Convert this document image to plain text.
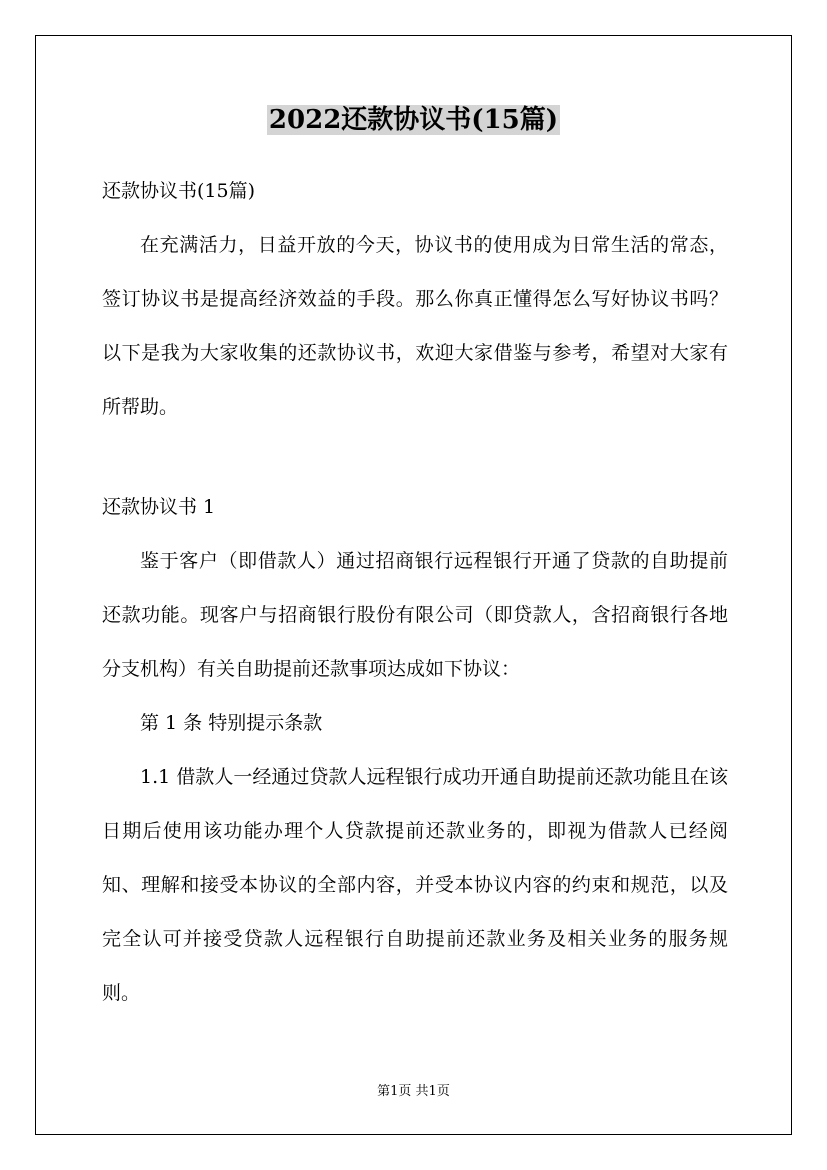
2022还款协议书(15篇)
还款协议书(15篇)

在充满活力，日益开放的今天，协议书的使用成为日常生活的常态，签订协议书是提高经济效益的手段。那么你真正懂得怎么写好协议书吗？以下是我为大家收集的还款协议书，欢迎大家借鉴与参考，希望对大家有所帮助。

还款协议书 1

鉴于客户（即借款人）通过招商银行远程银行开通了贷款的自助提前还款功能。现客户与招商银行股份有限公司（即贷款人，含招商银行各地分支机构）有关自助提前还款事项达成如下协议：

第 1 条 特别提示条款

1.1 借款人一经通过贷款人远程银行成功开通自助提前还款功能且在该日期后使用该功能办理个人贷款提前还款业务的，即视为借款人已经阅知、理解和接受本协议的全部内容，并受本协议内容的约束和规范，以及完全认可并接受贷款人远程银行自助提前还款业务及相关业务的服务规则。

第1页 共1页
